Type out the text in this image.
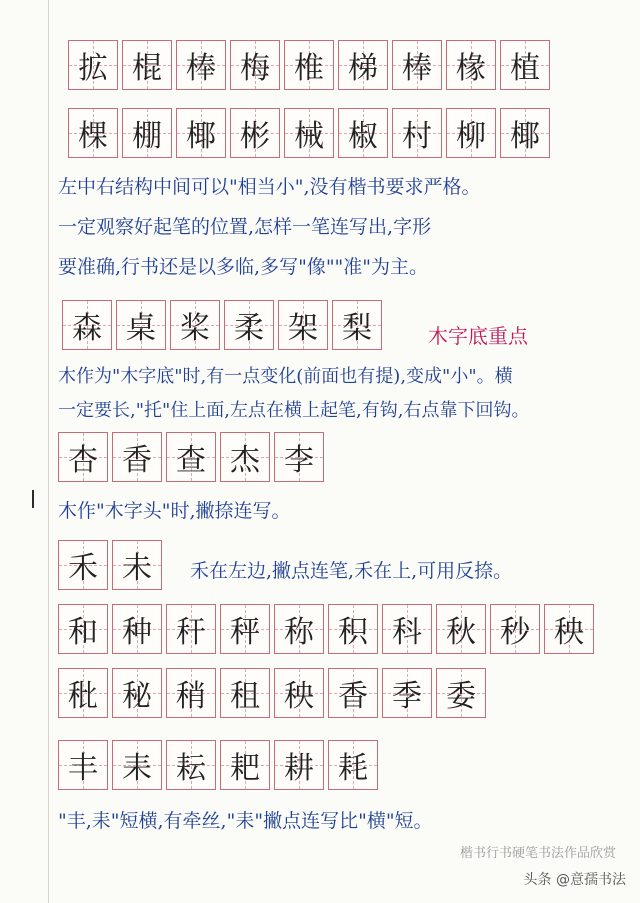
拡 棍 棒 梅 椎 梯 棒 椽 植
棵 棚 椰 彬 械 椒 村 柳 椰
左中右结构中间可以"相当小",没有楷书要求严格。
一定观察好起笔的位置,怎样一笔连写出,字形
要准确,行书还是以多临,多写"像""准"为主。
森 桌 桨 柔 架 梨	木字底重点
木作为"木字底"时,有一点变化(前面也有提),变成"小"。横
一定要长,"托"住上面,左点在横上起笔,有钩,右点靠下回钩。
杏 香 查 杰 李
木作"木字头"时,撇捺连写。
禾 未 禾在左边,撇点连笔,禾在上,可用反捺。
和 种 秆 秤 称 积 科 秋 秒 秧
秕 秘 稍 租 秧 香 季 委
丰 耒 耘 耙 耕 耗
"丰,耒"短横,有牵丝,"耒"撇点连写比"横"短。
楷书行书硬笔书法作品欣赏
头条 @意孺书法
